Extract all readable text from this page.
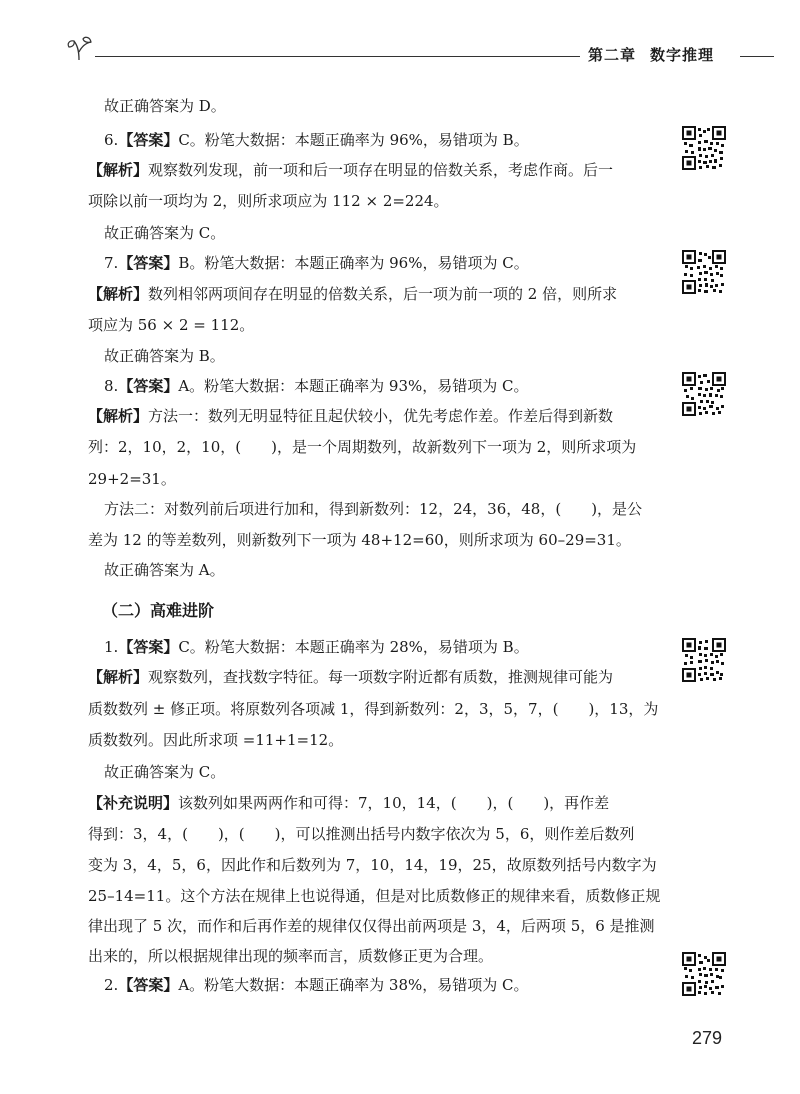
第二章 数字推理
故正确答案为 D。
6.【答案】C。粉笔大数据：本题正确率为 96%，易错项为 B。
【解析】观察数列发现，前一项和后一项存在明显的倍数关系，考虑作商。后一
项除以前一项均为 2，则所求项应为 112 × 2=224。
故正确答案为 C。
7.【答案】B。粉笔大数据：本题正确率为 96%，易错项为 C。
【解析】数列相邻两项间存在明显的倍数关系，后一项为前一项的 2 倍，则所求
项应为 56 × 2 = 112。
故正确答案为 B。
8.【答案】A。粉笔大数据：本题正确率为 93%，易错项为 C。
【解析】方法一：数列无明显特征且起伏较小，优先考虑作差。作差后得到新数
列：2，10，2，10，( )，是一个周期数列，故新数列下一项为 2，则所求项为
29+2=31。
方法二：对数列前后项进行加和，得到新数列：12，24，36，48，( )，是公
差为 12 的等差数列，则新数列下一项为 48+12=60，则所求项为 60–29=31。
故正确答案为 A。
（二）高难进阶
1.【答案】C。粉笔大数据：本题正确率为 28%，易错项为 B。
【解析】观察数列，查找数字特征。每一项数字附近都有质数，推测规律可能为
质数数列 ± 修正项。将原数列各项减 1，得到新数列：2，3，5，7，( )，13，为
质数数列。因此所求项 =11+1=12。
故正确答案为 C。
【补充说明】该数列如果两两作和可得：7，10，14，( )，( )，再作差
得到：3，4，( )，( )，可以推测出括号内数字依次为 5，6，则作差后数列
变为 3，4，5，6，因此作和后数列为 7，10，14，19，25，故原数列括号内数字为
25–14=11。这个方法在规律上也说得通，但是对比质数修正的规律来看，质数修正规
律出现了 5 次，而作和后再作差的规律仅仅得出前两项是 3，4，后两项 5，6 是推测
出来的，所以根据规律出现的频率而言，质数修正更为合理。
2.【答案】A。粉笔大数据：本题正确率为 38%，易错项为 C。
279
